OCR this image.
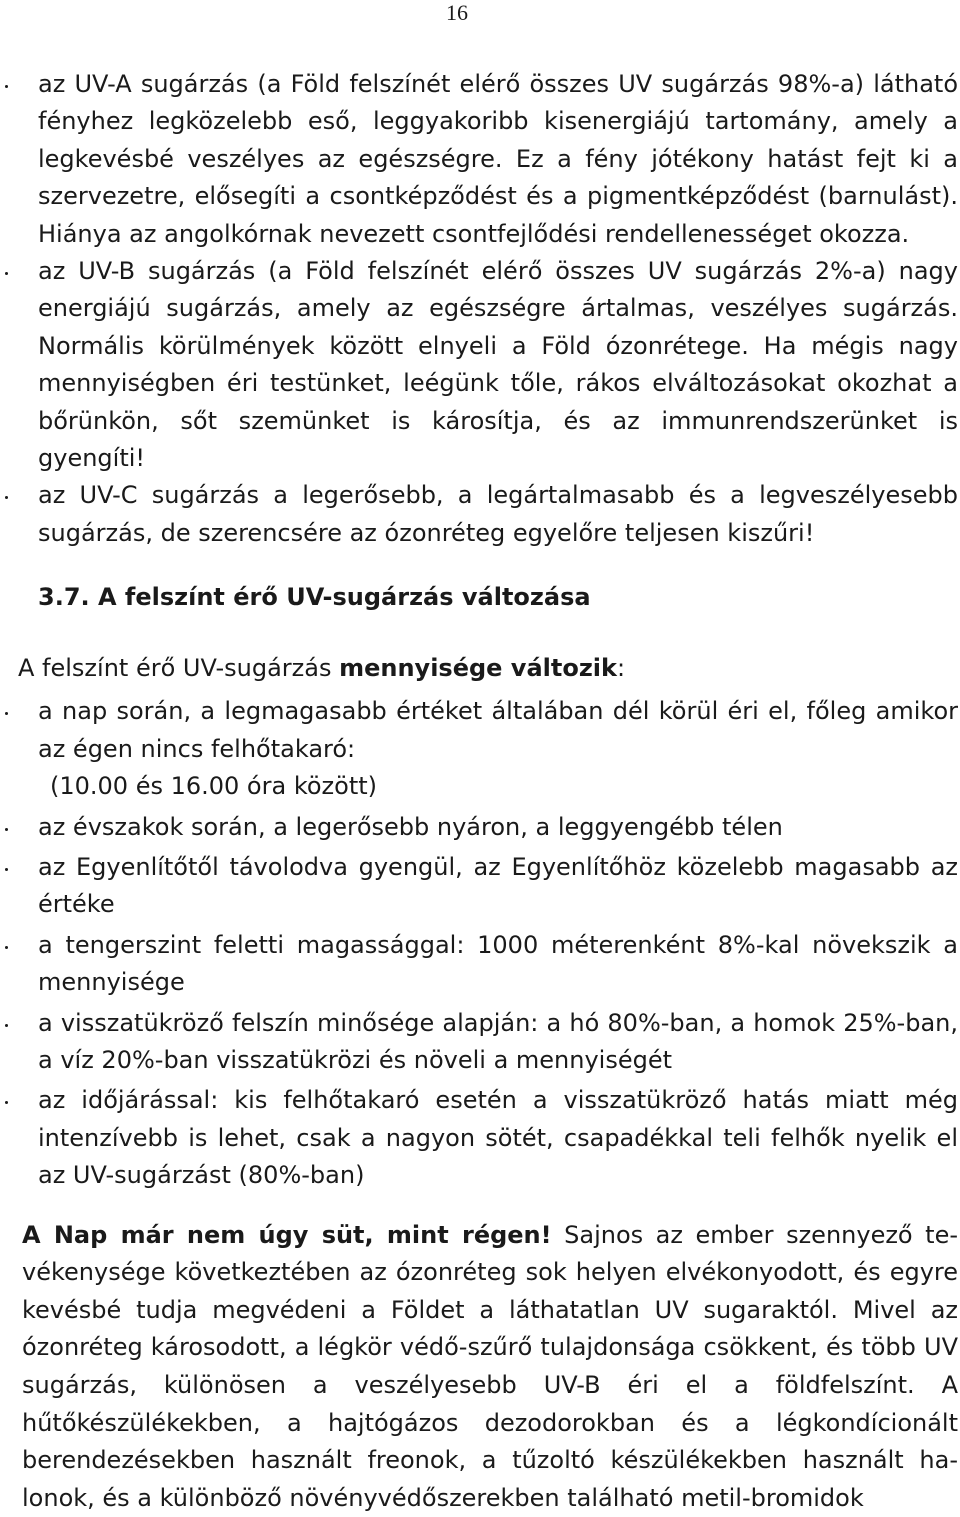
16
az UV-A sugárzás (a Föld felszínét elérő összes UV sugárzás 98%-a) látható fényhez legközelebb eső, leggyakoribb kisenergiájú tartomány, amely a legkevésbé veszélyes az egészségre. Ez a fény jótékony hatást fejt ki a szervezetre, elősegíti a csontképződést és a pigmentképződést (barnulást). Hiánya az angolkórnak nevezett csontfejlődési rendellenességet okozza.
az UV-B sugárzás (a Föld felszínét elérő összes UV sugárzás 2%-a) nagy energiájú sugárzás, amely az egészségre ártalmas, veszélyes sugárzás. Normális körülmények között elnyeli a Föld ózonrétege. Ha mégis nagy mennyiségben éri testünket, leégünk tőle, rákos elváltozásokat okozhat a bőrünkön, sőt szemünket is károsítja, és az immunrendszerünket is gyengíti!
az UV-C sugárzás a legerősebb, a legártalmasabb és a legveszélyesebb sugárzás, de szerencsére az ózonréteg egyelőre teljesen kiszűri!
3.7. A felszínt érő UV-sugárzás változása
A felszínt érő UV-sugárzás mennyisége változik:
a nap során, a legmagasabb értéket általában dél körül éri el, főleg amikor az égen nincs felhőtakaró:
(10.00 és 16.00 óra között)
az évszakok során, a legerősebb nyáron, a leggyengébb télen
az Egyenlítőtől távolodva gyengül, az Egyenlítőhöz közelebb magasabb az értéke
a tengerszint feletti magassággal: 1000 méterenként 8%-kal növekszik a mennyisége
a visszatükröző felszín minősége alapján: a hó 80%-ban, a homok 25%-ban, a víz 20%-ban visszatükrözi és növeli a mennyiségét
az időjárással: kis felhőtakaró esetén a visszatükröző hatás miatt még intenzívebb is lehet, csak a nagyon sötét, csapadékkal teli felhők nyelik el az UV-sugárzást (80%-ban)
A Nap már nem úgy süt, mint régen! Sajnos az ember szennyező tevékenysége következtében az ózonréteg sok helyen elvékonyodott, és egyre kevésbé tudja megvédeni a Földet a láthatatlan UV sugaraktól. Mivel az ózonréteg károsodott, a légkör védő-szűrő tulajdonsága csökkent, és több UV sugárzás, különösen a veszélyesebb UV-B éri el a földfelszínt. A hűtőkészülékekben, a hajtógázos dezodorokban és a légkondícionált berendezésekben használt freonok, a tűzoltó készülékekben használt halonok, és a különböző növényvédőszerekben található metil-bromidok
